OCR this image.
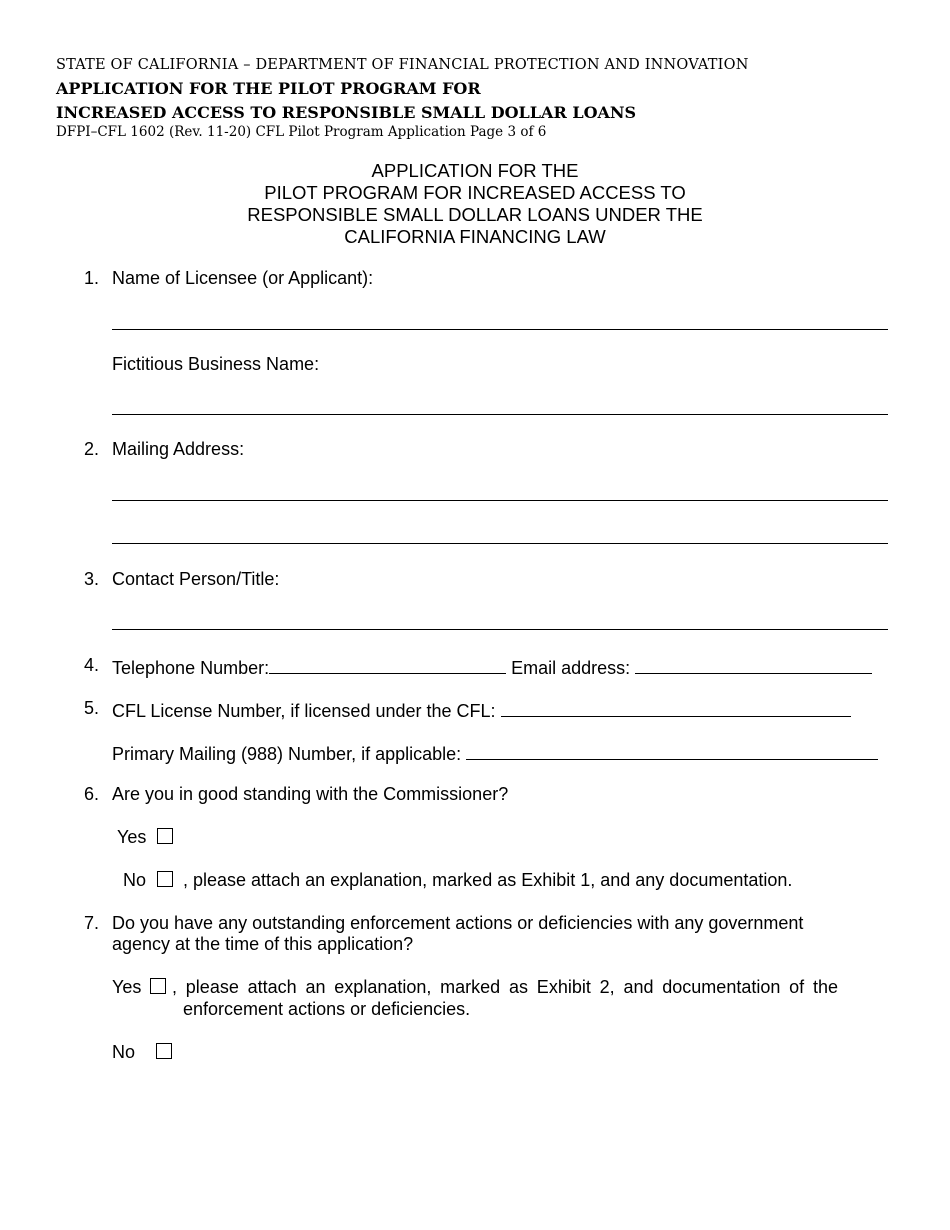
STATE OF CALIFORNIA – DEPARTMENT OF FINANCIAL PROTECTION AND INNOVATION
APPLICATION FOR THE PILOT PROGRAM FOR
INCREASED ACCESS TO RESPONSIBLE SMALL DOLLAR LOANS
DFPI–CFL 1602 (Rev. 11-20) CFL Pilot Program Application Page 3 of 6
APPLICATION FOR THE
PILOT PROGRAM FOR INCREASED ACCESS TO
RESPONSIBLE SMALL DOLLAR LOANS UNDER THE
CALIFORNIA FINANCING LAW
1. Name of Licensee (or Applicant):
Fictitious Business Name:
2. Mailing Address:
3. Contact Person/Title:
4. Telephone Number:	Email address:
5. CFL License Number, if licensed under the CFL:
Primary Mailing (988) Number, if applicable:
6. Are you in good standing with the Commissioner?
Yes
No , please attach an explanation, marked as Exhibit 1, and any documentation.
7. Do you have any outstanding enforcement actions or deficiencies with any government
agency at the time of this application?
Yes , please attach an explanation, marked as Exhibit 2, and documentation of the
enforcement actions or deficiencies.
No
